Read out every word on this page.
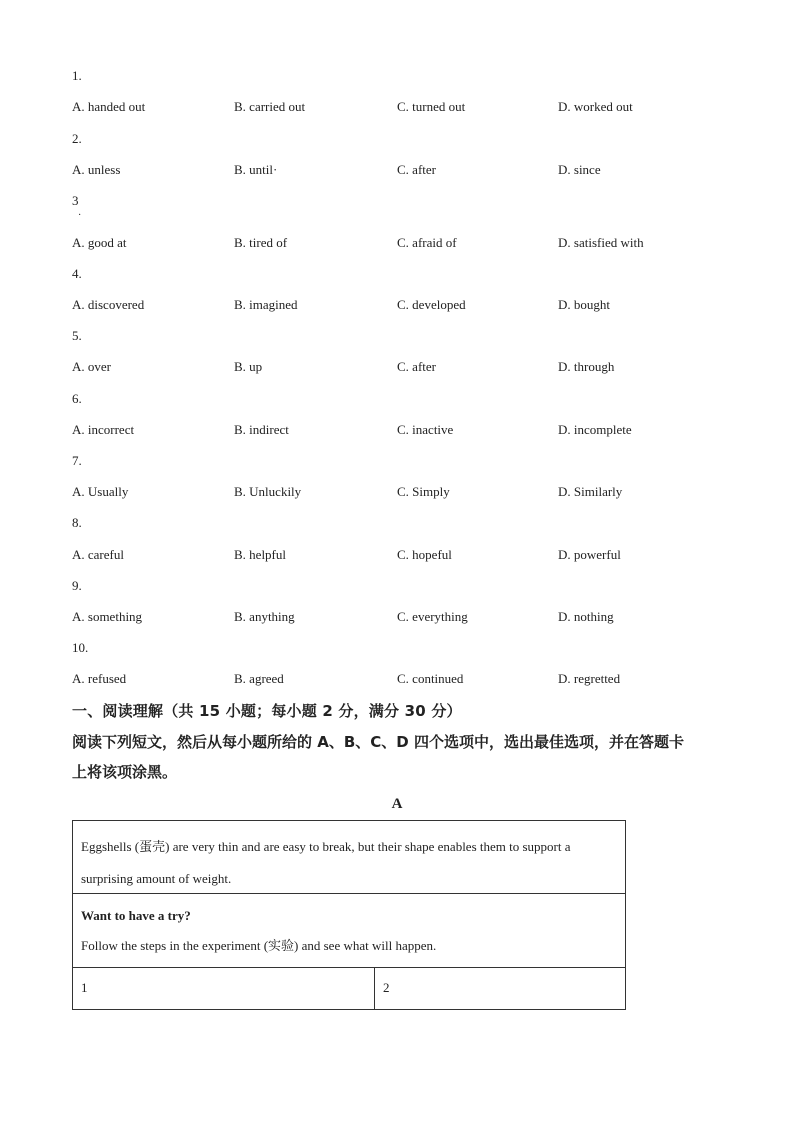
1.
A. handed out	B. carried out	C. turned out	D. worked out
2.
A. unless	B. until·	C. after	D. since
3
·
A. good at	B. tired of	C. afraid of	D. satisfied with
4.
A. discovered	B. imagined	C. developed	D. bought
5.
A. over	B. up	C. after	D. through
6.
A. incorrect	B. indirect	C. inactive	D. incomplete
7.
A. Usually	B. Unluckily	C. Simply	D. Similarly
8.
A. careful	B. helpful	C. hopeful	D. powerful
9.
A. something	B. anything	C. everything	D. nothing
10.
A. refused	B. agreed	C. continued	D. regretted
一、阅读理解（共 15 小题；每小题 2 分，满分 30 分）
阅读下列短文，然后从每小题所给的 A、B、C、D 四个选项中，选出最佳选项，并在答题卡
上将该项涂黑。
A
Eggshells (蛋壳) are very thin and are easy to break, but their shape enables them to support a surprising amount of weight.
Want to have a try?
Follow the steps in the experiment (实验) and see what will happen.
1	2
